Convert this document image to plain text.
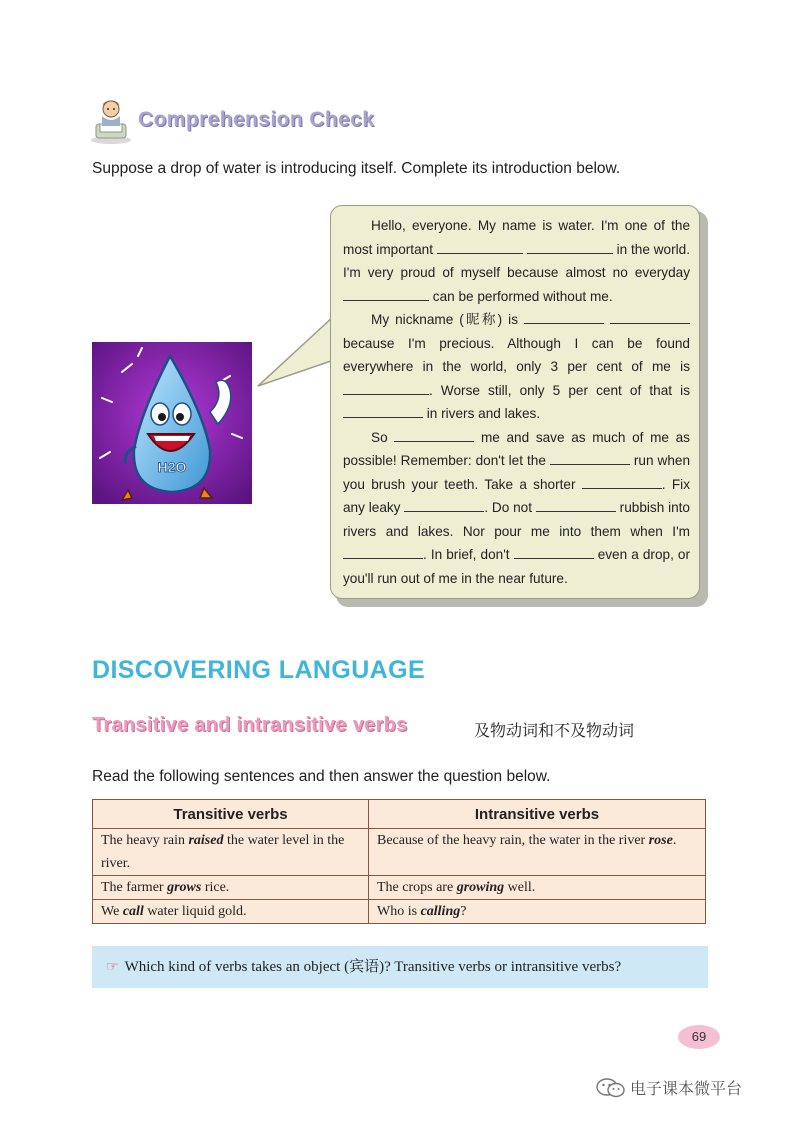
Comprehension Check
Suppose a drop of water is introducing itself. Complete its introduction below.
H2O

Hello, everyone. My name is water. I'm one of the most important	in the world. I'm very proud of myself because almost no everyday  can be performed without me.

My nickname (昵称) is   because I'm precious. Although I can be found everywhere in the world, only 3 per cent of me is . Worse still, only 5 per cent of that is  in rivers and lakes.

So	me and save as much of me as possible! Remember: don't let the	run when you brush your teeth. Take a shorter	. Fix any leaky	. Do not	rubbish into rivers and lakes. Nor pour me into them when I'm . In brief, don't	even a drop, or you'll run out of me in the near future.

DISCOVERING LANGUAGE
Transitive and intransitive verbs	及物动词和不及物动词
Read the following sentences and then answer the question below.
Transitive verbs	Intransitive verbs
The heavy rain raised the water level in the river.	Because of the heavy rain, the water in the river rose.
The farmer grows rice.	The crops are growing well.
We call water liquid gold.	Who is calling?
☞ Which kind of verbs takes an object (宾语)? Transitive verbs or intransitive verbs?
69
电子课本微平台
